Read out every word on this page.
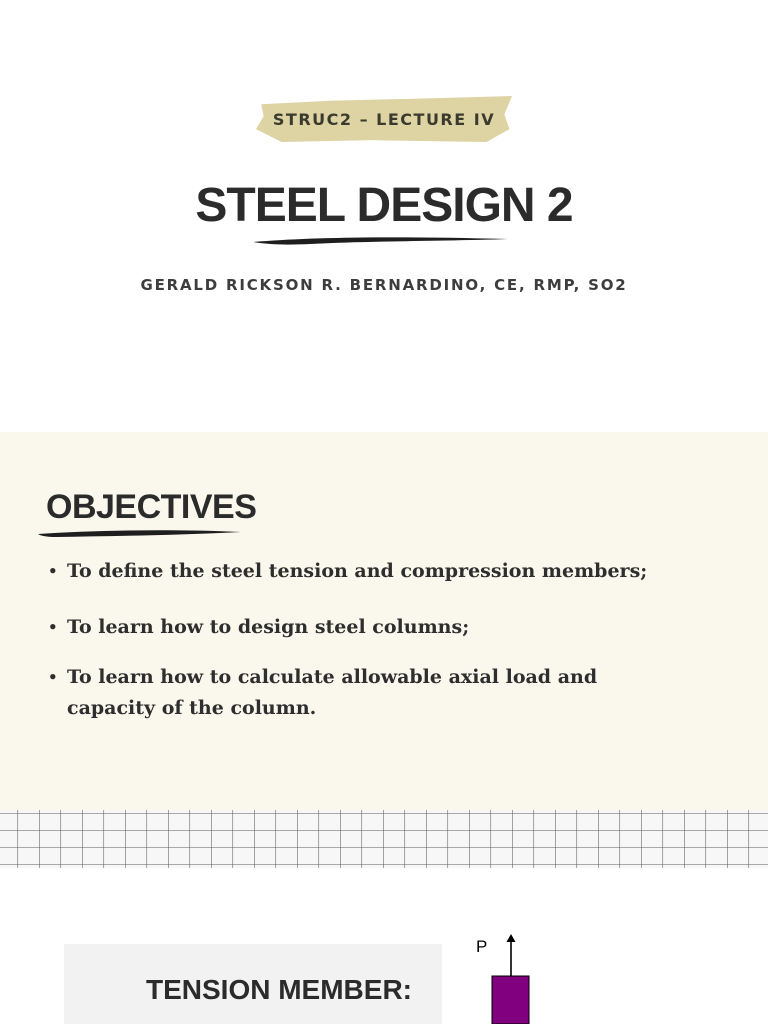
STRUC2 – LECTURE IV
STEEL DESIGN 2
GERALD RICKSON R. BERNARDINO, CE, RMP, SO2
OBJECTIVES
• To define the steel tension and compression members;
• To learn how to design steel columns;
• To learn how to calculate allowable axial load and capacity of the column.
TENSION MEMBER:
P
